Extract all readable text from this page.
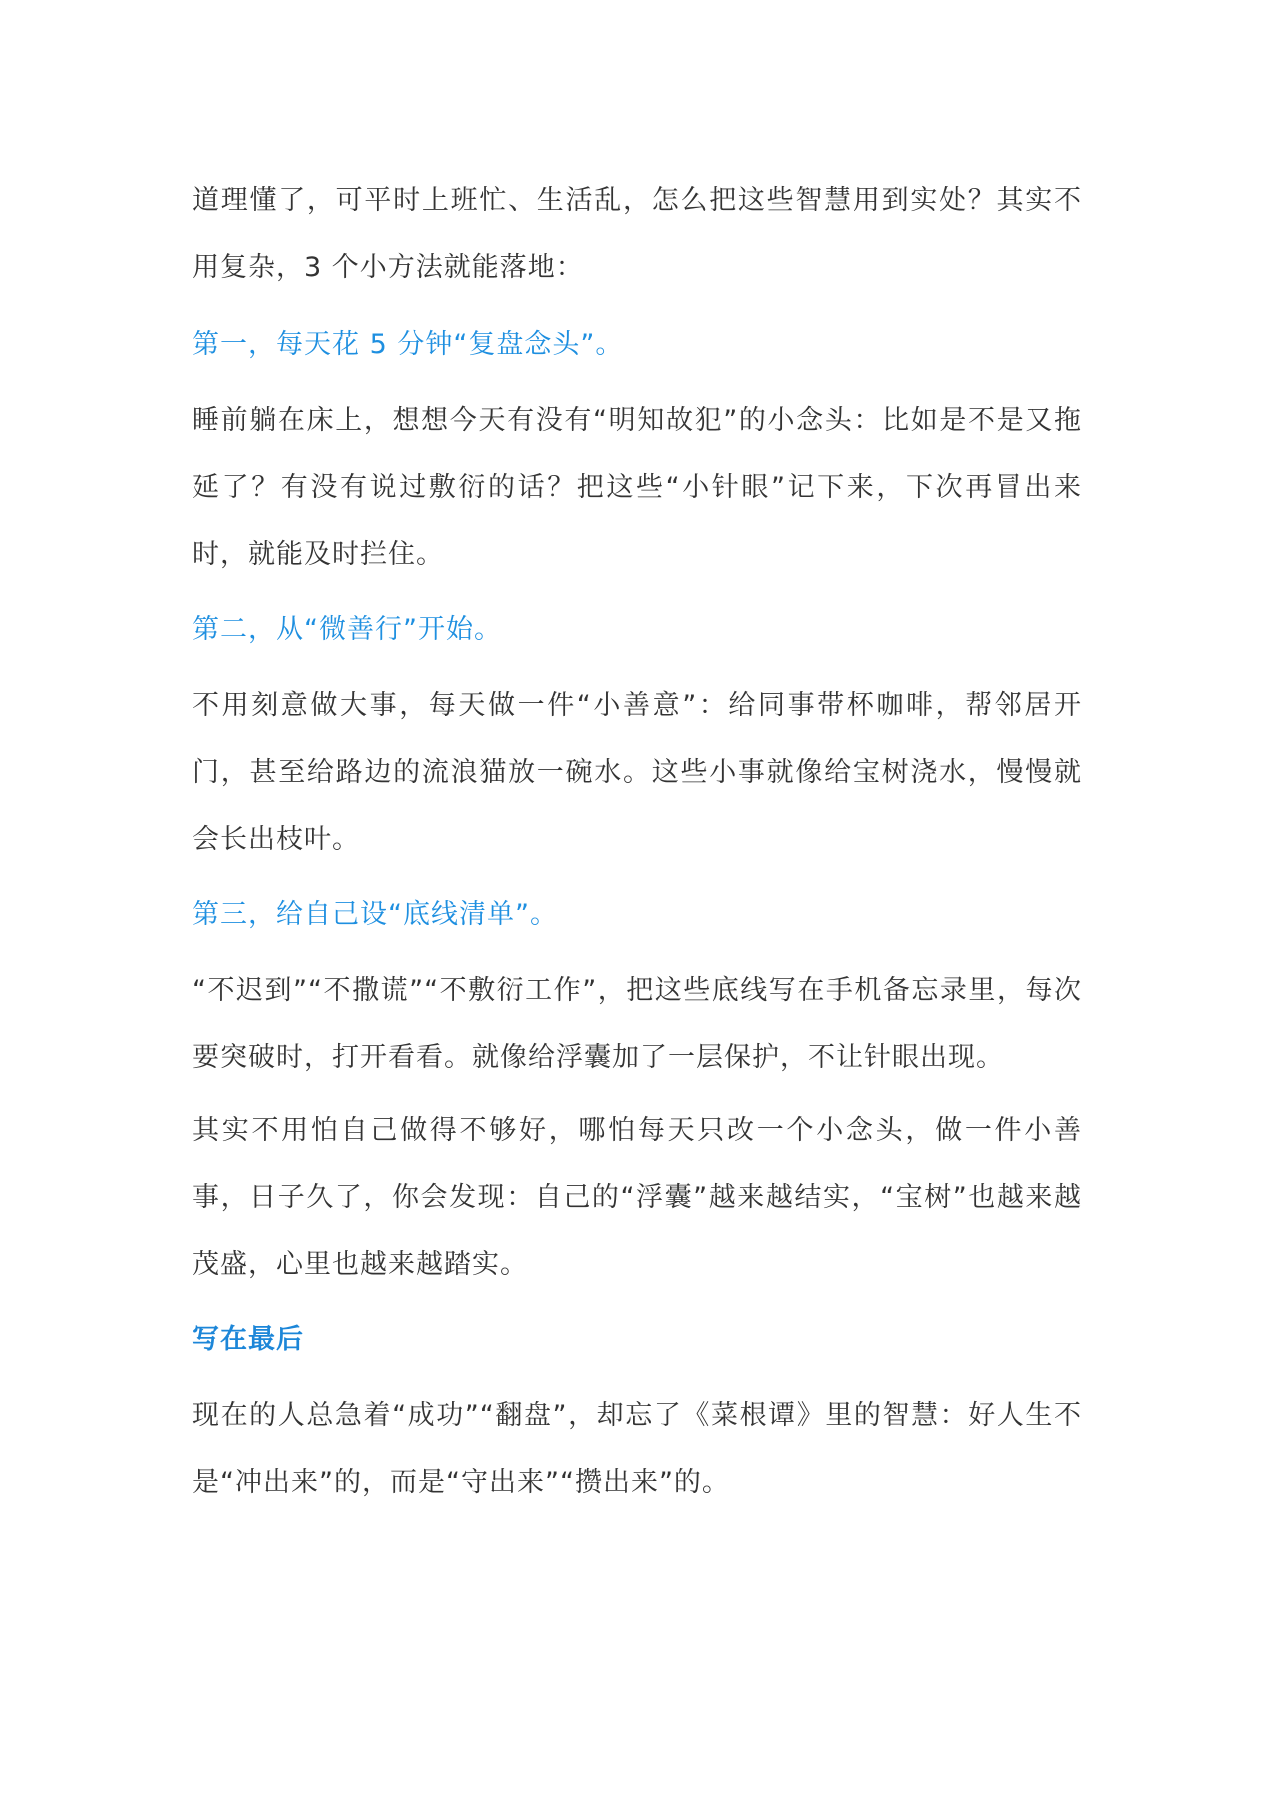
道理懂了，可平时上班忙、生活乱，怎么把这些智慧用到实处？其实不用复杂，3 个小方法就能落地：

第一，每天花 5 分钟“复盘念头”。

睡前躺在床上，想想今天有没有“明知故犯”的小念头：比如是不是又拖延了？有没有说过敷衍的话？把这些“小针眼”记下来，下次再冒出来时，就能及时拦住。

第二，从“微善行”开始。

不用刻意做大事，每天做一件“小善意”：给同事带杯咖啡，帮邻居开门，甚至给路边的流浪猫放一碗水。这些小事就像给宝树浇水，慢慢就会长出枝叶。

第三，给自己设“底线清单”。

“不迟到”“不撒谎”“不敷衍工作”，把这些底线写在手机备忘录里，每次要突破时，打开看看。就像给浮囊加了一层保护，不让针眼出现。

其实不用怕自己做得不够好，哪怕每天只改一个小念头，做一件小善事，日子久了，你会发现：自己的“浮囊”越来越结实，“宝树”也越来越茂盛，心里也越来越踏实。

写在最后

现在的人总急着“成功”“翻盘”，却忘了《菜根谭》里的智慧：好人生不是“冲出来”的，而是“守出来”“攒出来”的。
